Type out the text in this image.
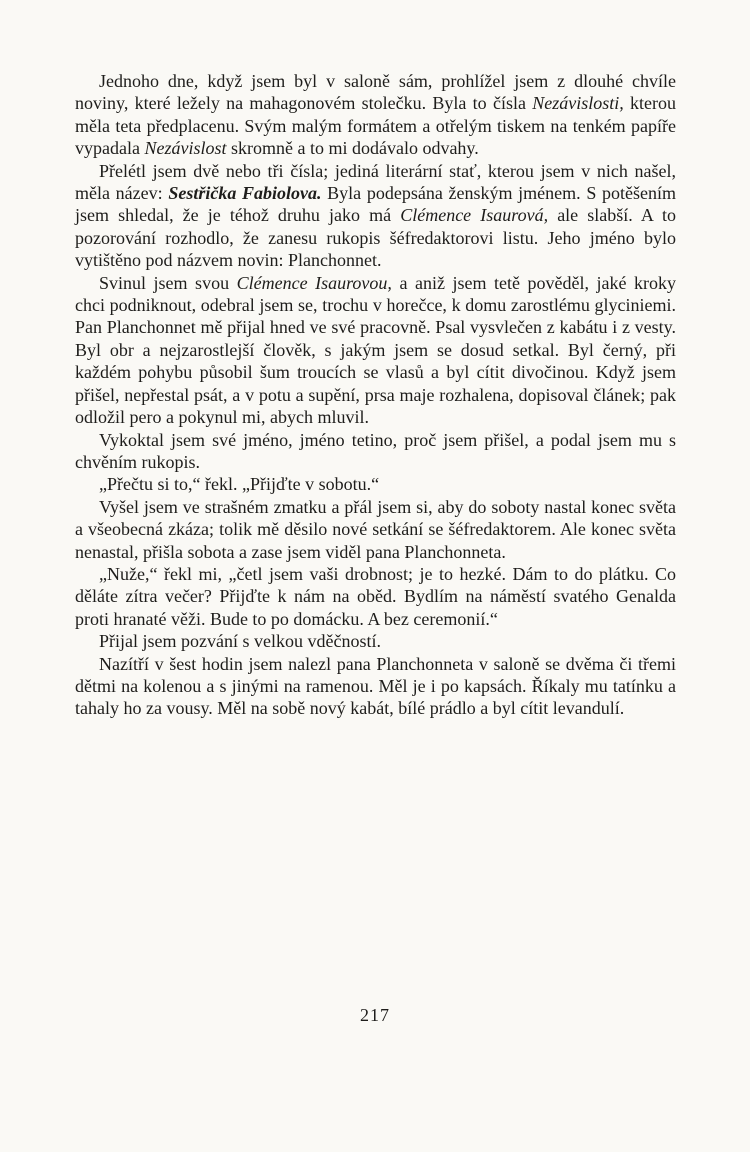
Jednoho dne, když jsem byl v saloně sám, prohlížel jsem z dlouhé chvíle noviny, které ležely na mahagonovém stolečku. Byla to čísla Nezávislosti, kterou měla teta předplacenu. Svým malým formátem a otřelým tiskem na tenkém papíře vypadala Nezávislost skromně a to mi dodávalo odvahy.

Přelétl jsem dvě nebo tři čísla; jediná literární stať, kterou jsem v nich našel, měla název: Sestřička Fabiolova. Byla podepsána ženským jménem. S potěšením jsem shledal, že je téhož druhu jako má Clémence Isaurová, ale slabší. A to pozorování rozhodlo, že zanesu rukopis šéfredaktorovi listu. Jeho jméno bylo vytištěno pod názvem novin: Planchonnet.

Svinul jsem svou Clémence Isaurovou, a aniž jsem tetě pověděl, jaké kroky chci podniknout, odebral jsem se, trochu v horečce, k domu zarostlému glyciniemi. Pan Planchonnet mě přijal hned ve své pracovně. Psal vysvlečen z kabátu i z vesty. Byl obr a nejzarostlejší člověk, s jakým jsem se dosud setkal. Byl černý, při každém pohybu působil šum troucích se vlasů a byl cítit divočinou. Když jsem přišel, nepřestal psát, a v potu a supění, prsa maje rozhalena, dopisoval článek; pak odložil pero a pokynul mi, abych mluvil.

Vykoktal jsem své jméno, jméno tetino, proč jsem přišel, a podal jsem mu s chvěním rukopis.

„Přečtu si to,“ řekl. „Přijďte v sobotu.“

Vyšel jsem ve strašném zmatku a přál jsem si, aby do soboty nastal konec světa a všeobecná zkáza; tolik mě děsilo nové setkání se šéfredaktorem. Ale konec světa nenastal, přišla sobota a zase jsem viděl pana Planchonneta.

„Nuže,“ řekl mi, „četl jsem vaši drobnost; je to hezké. Dám to do plátku. Co děláte zítra večer? Přijďte k nám na oběd. Bydlím na náměstí svatého Genalda proti hranaté věži. Bude to po domácku. A bez ceremonií.“

Přijal jsem pozvání s velkou vděčností.

Nazítří v šest hodin jsem nalezl pana Planchonneta v saloně se dvěma či třemi dětmi na kolenou a s jinými na ramenou. Měl je i po kapsách. Říkaly mu tatínku a tahaly ho za vousy. Měl na sobě nový kabát, bílé prádlo a byl cítit levandulí.

217
